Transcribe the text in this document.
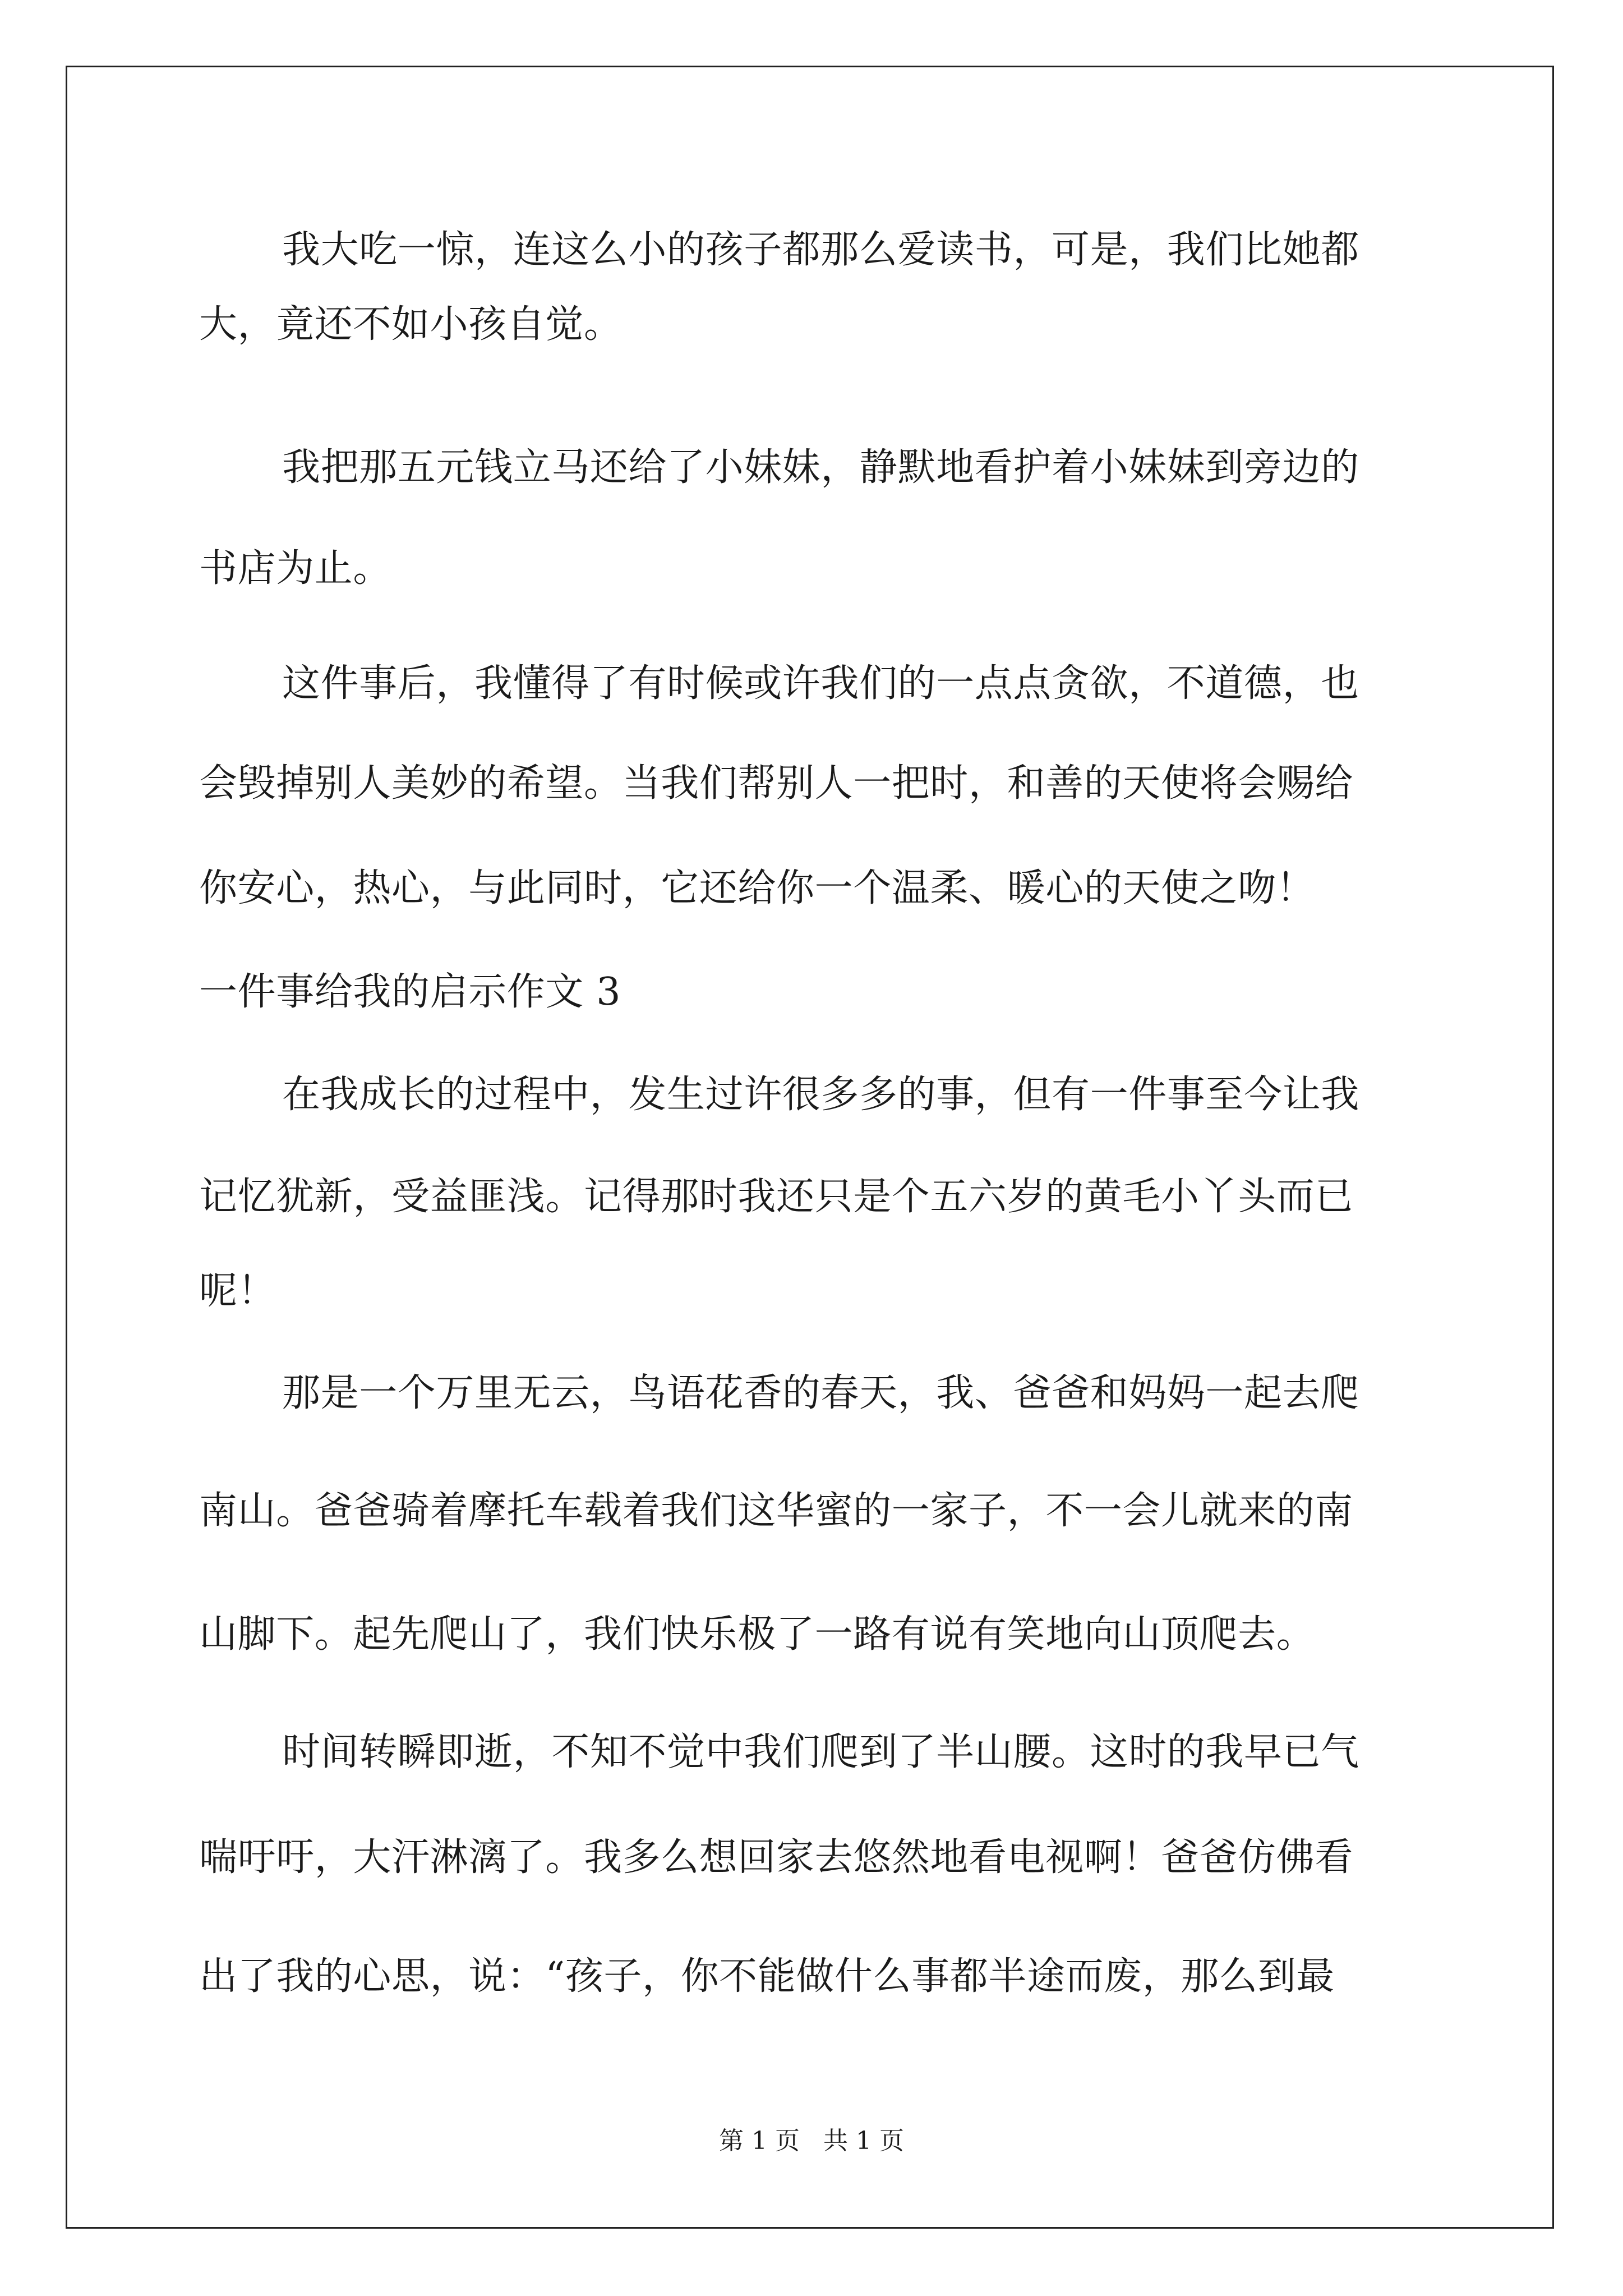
我大吃一惊，连这么小的孩子都那么爱读书，可是，我们比她都
大，竟还不如小孩自觉。
我把那五元钱立马还给了小妹妹，静默地看护着小妹妹到旁边的
书店为止。
这件事后，我懂得了有时候或许我们的一点点贪欲，不道德，也
会毁掉别人美妙的希望。当我们帮别人一把时，和善的天使将会赐给
你安心，热心，与此同时，它还给你一个温柔、暖心的天使之吻！
一件事给我的启示作文 3
在我成长的过程中，发生过许很多多的事，但有一件事至今让我
记忆犹新，受益匪浅。记得那时我还只是个五六岁的黄毛小丫头而已
呢！
那是一个万里无云，鸟语花香的春天，我、爸爸和妈妈一起去爬
南山。爸爸骑着摩托车载着我们这华蜜的一家子，不一会儿就来的南
山脚下。起先爬山了，我们快乐极了一路有说有笑地向山顶爬去。
时间转瞬即逝，不知不觉中我们爬到了半山腰。这时的我早已气
喘吁吁，大汗淋漓了。我多么想回家去悠然地看电视啊！爸爸仿佛看
出了我的心思，说：“孩子，你不能做什么事都半途而废，那么到最
第 1 页   共 1 页
